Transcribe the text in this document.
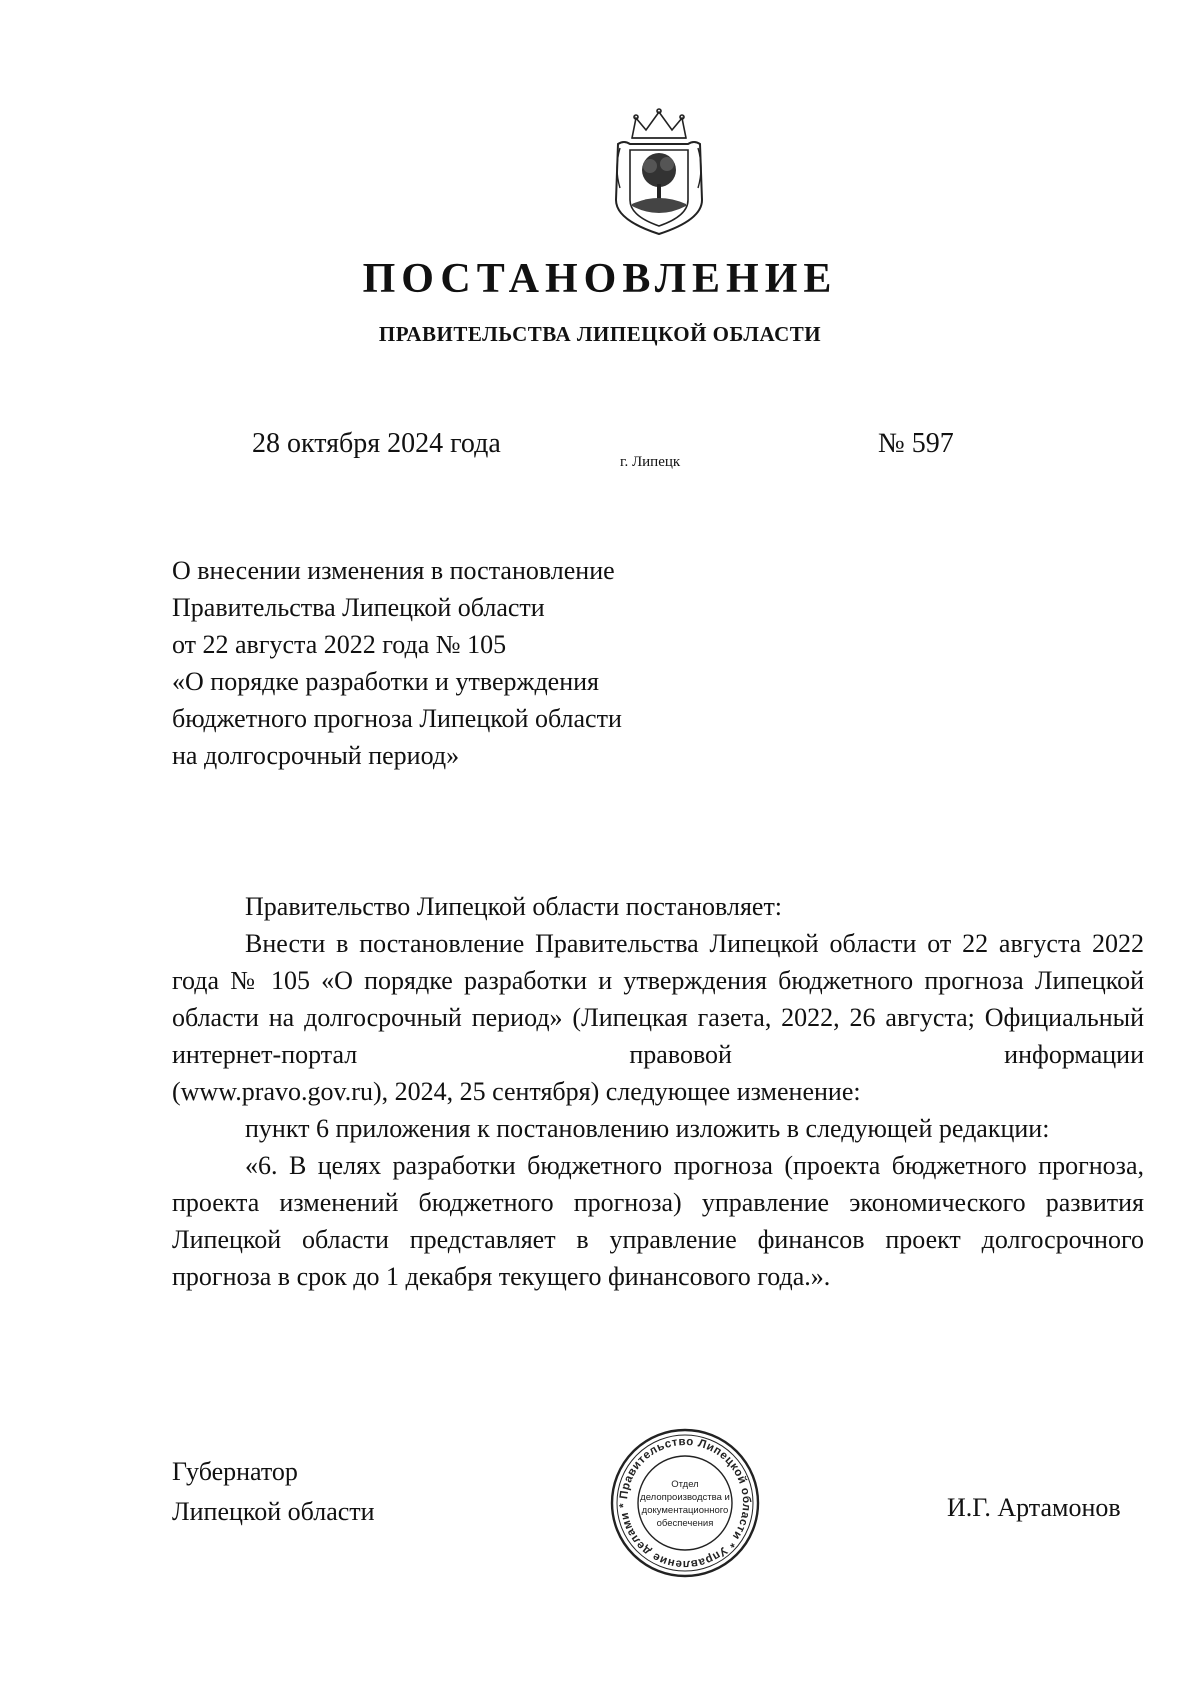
ПОСТАНОВЛЕНИЕ
ПРАВИТЕЛЬСТВА ЛИПЕЦКОЙ ОБЛАСТИ
28 октября 2024 года
г. Липецк
№ 597
О внесении изменения в постановление
Правительства Липецкой области
от 22 августа 2022 года № 105
«О порядке разработки и утверждения
бюджетного прогноза Липецкой области
на долгосрочный период»

Правительство Липецкой области постановляет:

Внести в постановление Правительства Липецкой области от 22 августа 2022 года № 105 «О порядке разработки и утверждения бюджетного прогноза Липецкой области на долгосрочный период» (Липецкая газета, 2022, 26 августа; Официальный интернет-портал правовой информации

(www.pravo.gov.ru), 2024, 25 сентября) следующее изменение:

пункт 6 приложения к постановлению изложить в следующей редакции:

«6. В целях разработки бюджетного прогноза (проекта бюджетного прогноза, проекта изменений бюджетного прогноза) управление экономического развития Липецкой области представляет в управление финансов проект долгосрочного прогноза в срок до 1 декабря текущего финансового года.».

Губернатор
Липецкой области
Правительство Липецкой области * Управление делами *
Отдел
делопроизводства и
документационного
обеспечения
И.Г. Артамонов
